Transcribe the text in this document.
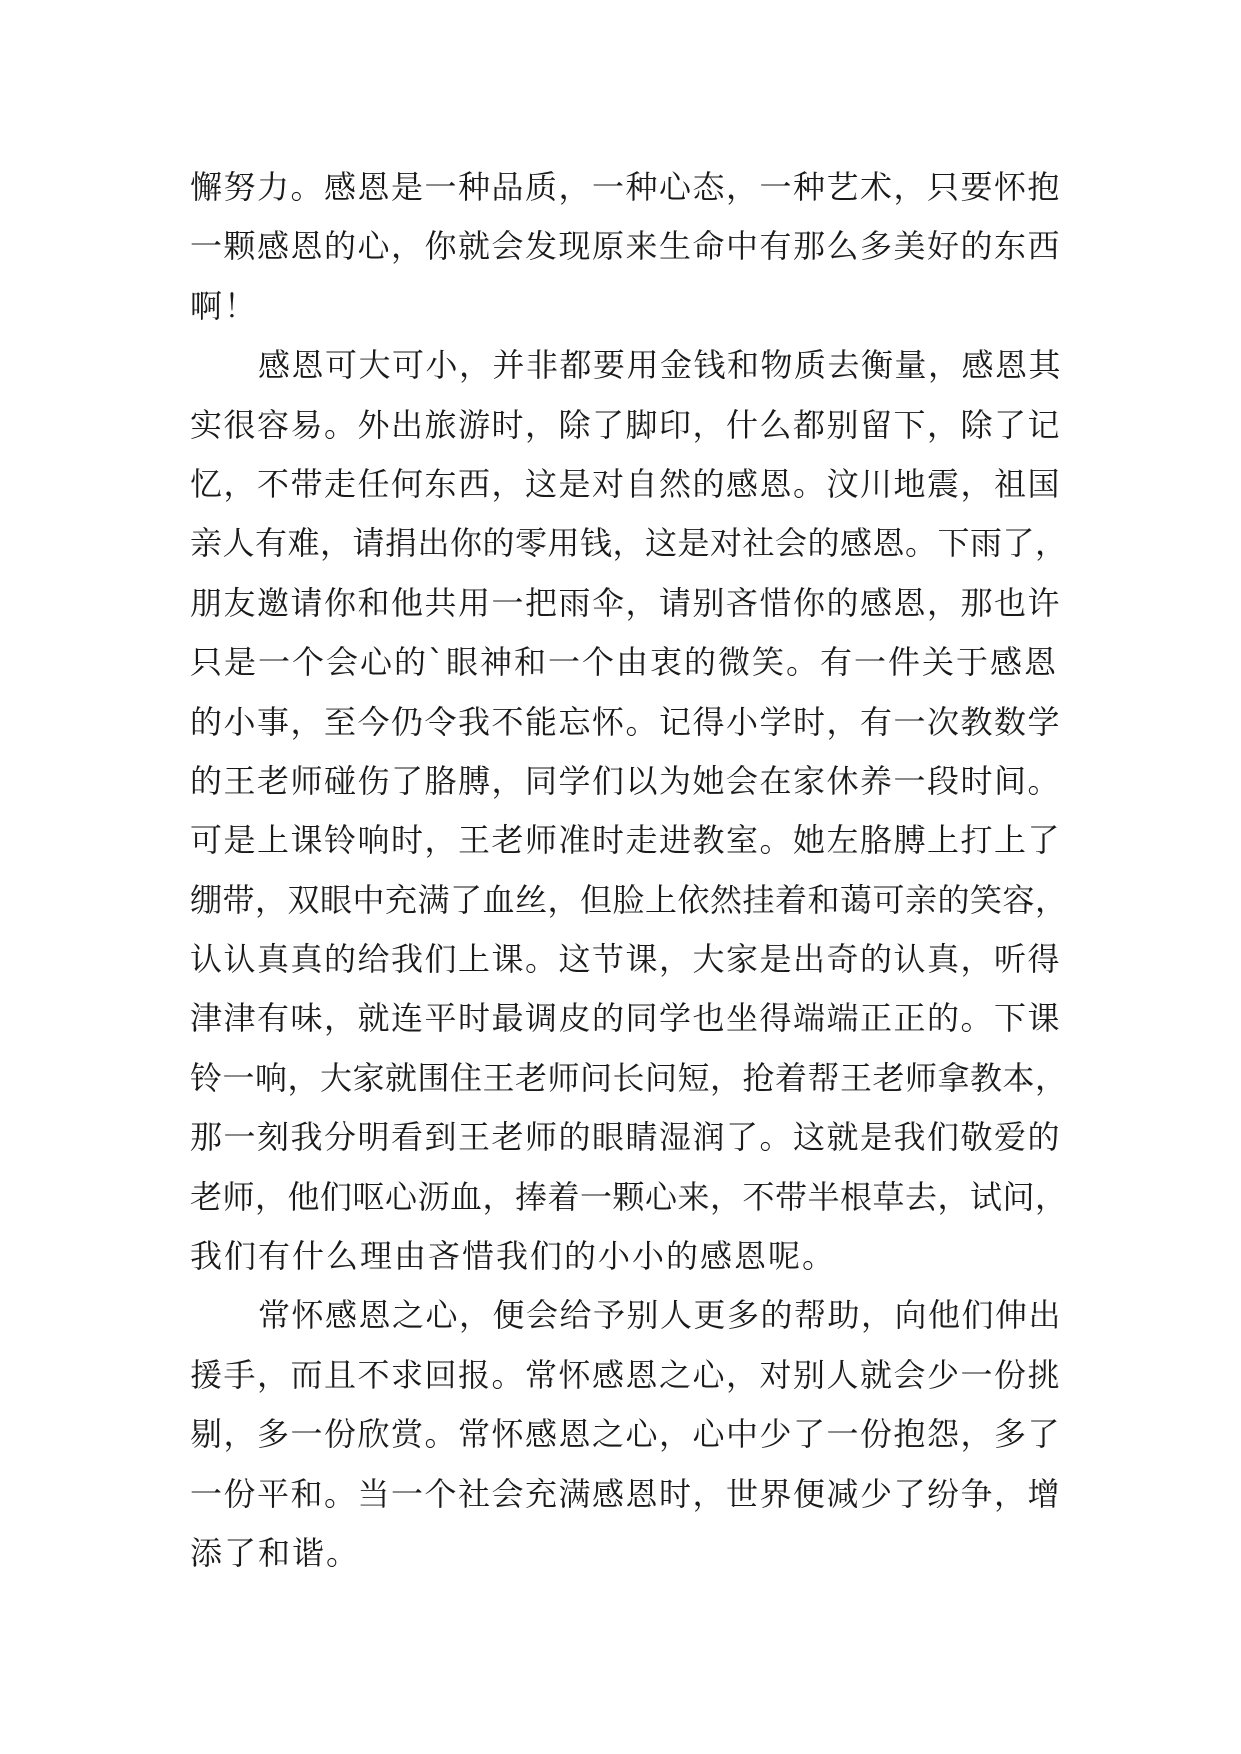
懈努力。感恩是一种品质，一种心态，一种艺术，只要怀抱
一颗感恩的心，你就会发现原来生命中有那么多美好的东西
啊！
感恩可大可小，并非都要用金钱和物质去衡量，感恩其
实很容易。外出旅游时，除了脚印，什么都别留下，除了记
忆，不带走任何东西，这是对自然的感恩。汶川地震，祖国
亲人有难，请捐出你的零用钱，这是对社会的感恩。下雨了，
朋友邀请你和他共用一把雨伞，请别吝惜你的感恩，那也许
只是一个会心的`眼神和一个由衷的微笑。有一件关于感恩
的小事，至今仍令我不能忘怀。记得小学时，有一次教数学
的王老师碰伤了胳膊，同学们以为她会在家休养一段时间。
可是上课铃响时，王老师准时走进教室。她左胳膊上打上了
绷带，双眼中充满了血丝，但脸上依然挂着和蔼可亲的笑容，
认认真真的给我们上课。这节课，大家是出奇的认真，听得
津津有味，就连平时最调皮的同学也坐得端端正正的。下课
铃一响，大家就围住王老师问长问短，抢着帮王老师拿教本，
那一刻我分明看到王老师的眼睛湿润了。这就是我们敬爱的
老师，他们呕心沥血，捧着一颗心来，不带半根草去，试问，
我们有什么理由吝惜我们的小小的感恩呢。
常怀感恩之心，便会给予别人更多的帮助，向他们伸出
援手，而且不求回报。常怀感恩之心，对别人就会少一份挑
剔，多一份欣赏。常怀感恩之心，心中少了一份抱怨，多了
一份平和。当一个社会充满感恩时，世界便减少了纷争，增
添了和谐。
